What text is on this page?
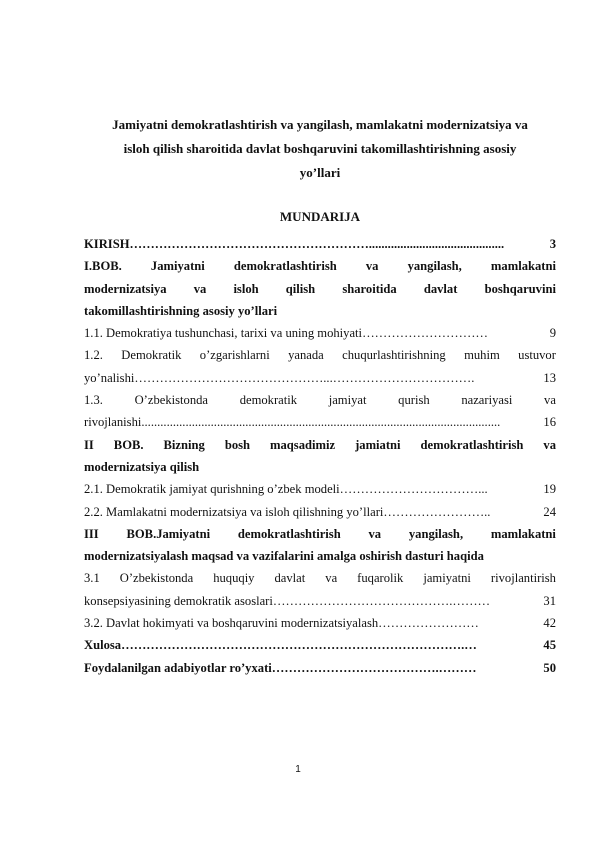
Jamiyatni demokratlashtirish va yangilash, mamlakatni modernizatsiya va
isloh qilish sharoitida davlat boshqaruvini takomillashtirishning asosiy
yo’llari
MUNDARIJA
KIRISH …………………………………………………...........................................	3
I.BOB. Jamiyatni demokratlashtirish va yangilash, mamlakatni
modernizatsiya va isloh qilish sharoitida davlat boshqaruvini
takomillashtirishning asosiy yo’llari
1.1. Demokratiya tushunchasi, tarixi va uning mohiyati …………………………	9
1.2. Demokratik o’zgarishlarni yanada chuqurlashtirishning muhim ustuvor
yo’nalishi ………………………………………...…………………………….	13
1.3.	O’zbekistonda	demokratik	jamiyat	qurish	nazariyasi	va
rivojlanishi ..................................................................................................................	16
II BOB. Bizning bosh maqsadimiz jamiatni demokratlashtirish va
modernizatsiya qilish
2.1. Demokratik jamiyat qurishning o’zbek modeli ……………………………...	19
2.2. Mamlakatni modernizatsiya va isloh qilishning yo’llari ……………………..	24
III BOB.Jamiyatni demokratlashtirish va yangilash, mamlakatni
modernizatsiyalash maqsad va vazifalarini amalga oshirish dasturi haqida
3.1 O’zbekistonda huquqiy davlat va fuqarolik jamiyatni rivojlantirish
konsepsiyasining demokratik asoslari …………………………………….………	31
3.2. Davlat hokimyati va boshqaruvini modernizatsiyalash ……………………	42
Xulosa ……………………………………………………………………….…	45
Foydalanilgan adabiyotlar ro’yxati ………………………………….………	50
1
